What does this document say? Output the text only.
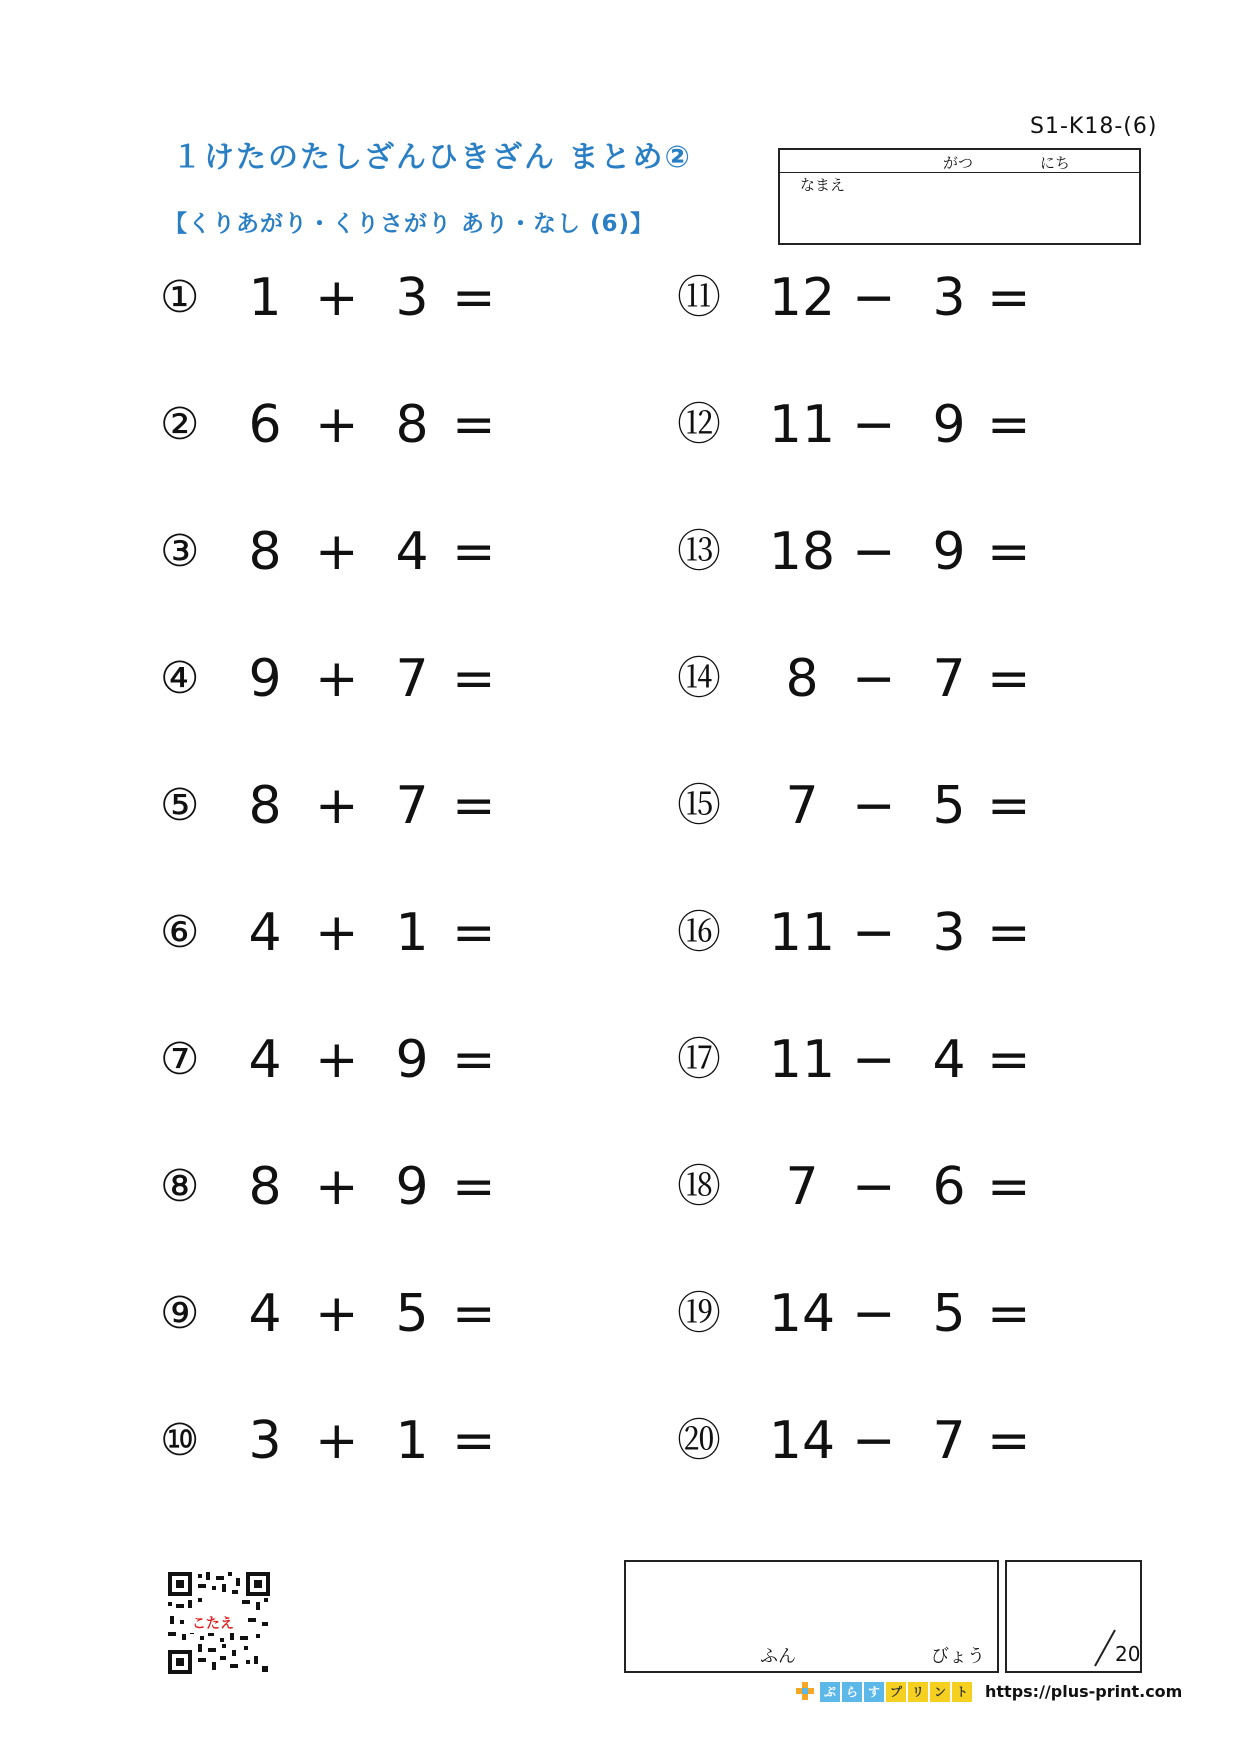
S1-K18-(6)
１けたのたしざんひきざん まとめ②
【くりあがり・くりさがり あり・なし (6)】
がつ	にち
なまえ
① 1 + 3 =
② 6 + 8 =
③ 8 + 4 =
④ 9 + 7 =
⑤ 8 + 7 =
⑥ 4 + 1 =
⑦ 4 + 9 =
⑧ 8 + 9 =
⑨ 4 + 5 =
⑩ 3 + 1 =
⑪ 12 − 3 =
⑫ 11 − 9 =
⑬ 18 − 9 =
⑭	8 − 7 =
⑮	7 − 5 =
⑯ 11 − 3 =
⑰ 11 − 4 =
⑱	7 − 6 =
⑲ 14 − 5 =
⑳ 14 − 7 =
こたえ
ふん	びょう	20
ぷ ら す プ リ ン ト	https://plus-print.com
